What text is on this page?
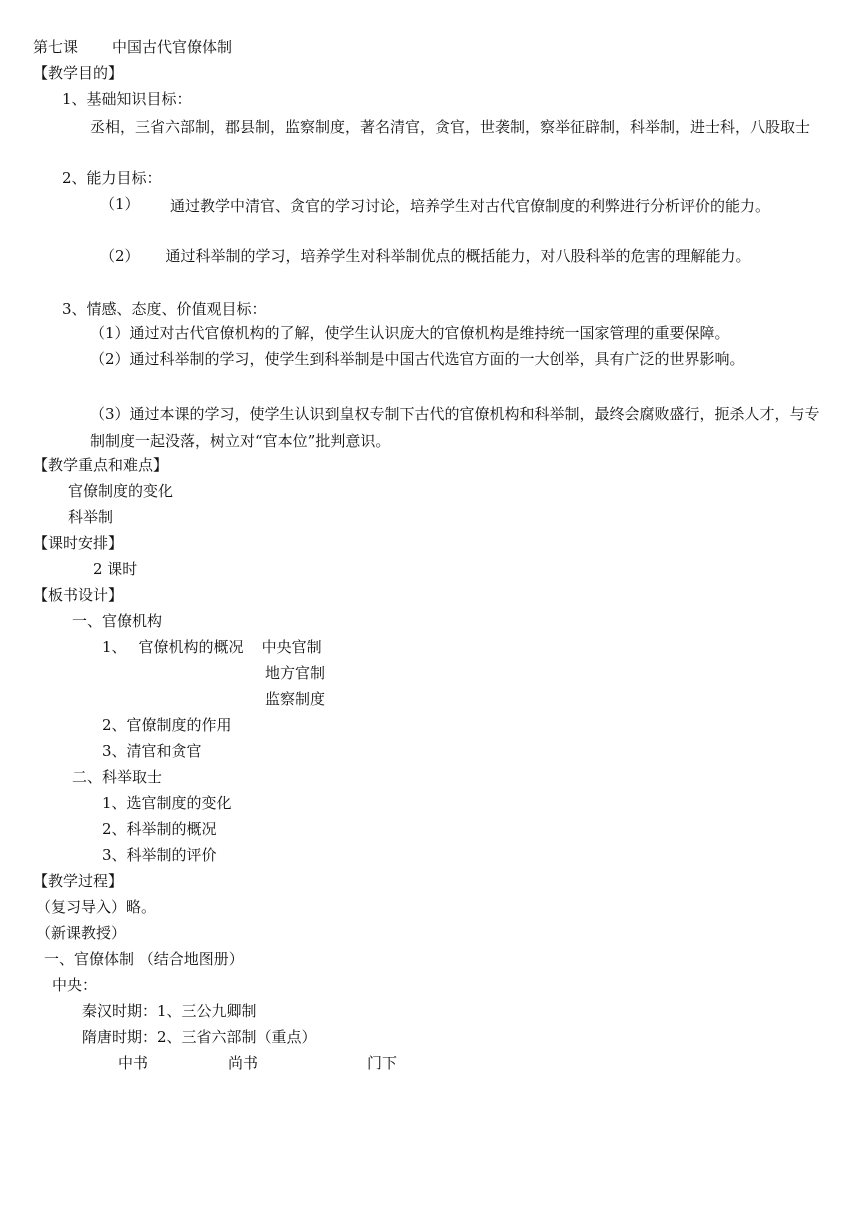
第七课 中国古代官僚体制
【教学目的】
1、基础知识目标：
丞相，三省六部制，郡县制，监察制度，著名清官，贪官，世袭制，察举征辟制，科举制，进士科，八股取士
2、能力目标：
（1） 通过教学中清官、贪官的学习讨论，培养学生对古代官僚制度的利弊进行分析评价的能力。
（2） 通过科举制的学习，培养学生对科举制优点的概括能力，对八股科举的危害的理解能力。
3、情感、态度、价值观目标：
（1）通过对古代官僚机构的了解，使学生认识庞大的官僚机构是维持统一国家管理的重要保障。
（2）通过科举制的学习，使学生到科举制是中国古代选官方面的一大创举，具有广泛的世界影响。
（3）通过本课的学习，使学生认识到皇权专制下古代的官僚机构和科举制，最终会腐败盛行，扼杀人才，与专制制度一起没落，树立对“官本位”批判意识。
【教学重点和难点】
官僚制度的变化
科举制
【课时安排】
2 课时
【板书设计】
一、官僚机构
1、 官僚机构的概况 中央官制
地方官制
监察制度
2、官僚制度的作用
3、清官和贪官
二、科举取士
1、选官制度的变化
2、科举制的概况
3、科举制的评价
【教学过程】
（复习导入）略。
（新课教授）
一、官僚体制 （结合地图册）
中央：
秦汉时期：1、三公九卿制
隋唐时期：2、三省六部制（重点）
中书	尚书	门下
